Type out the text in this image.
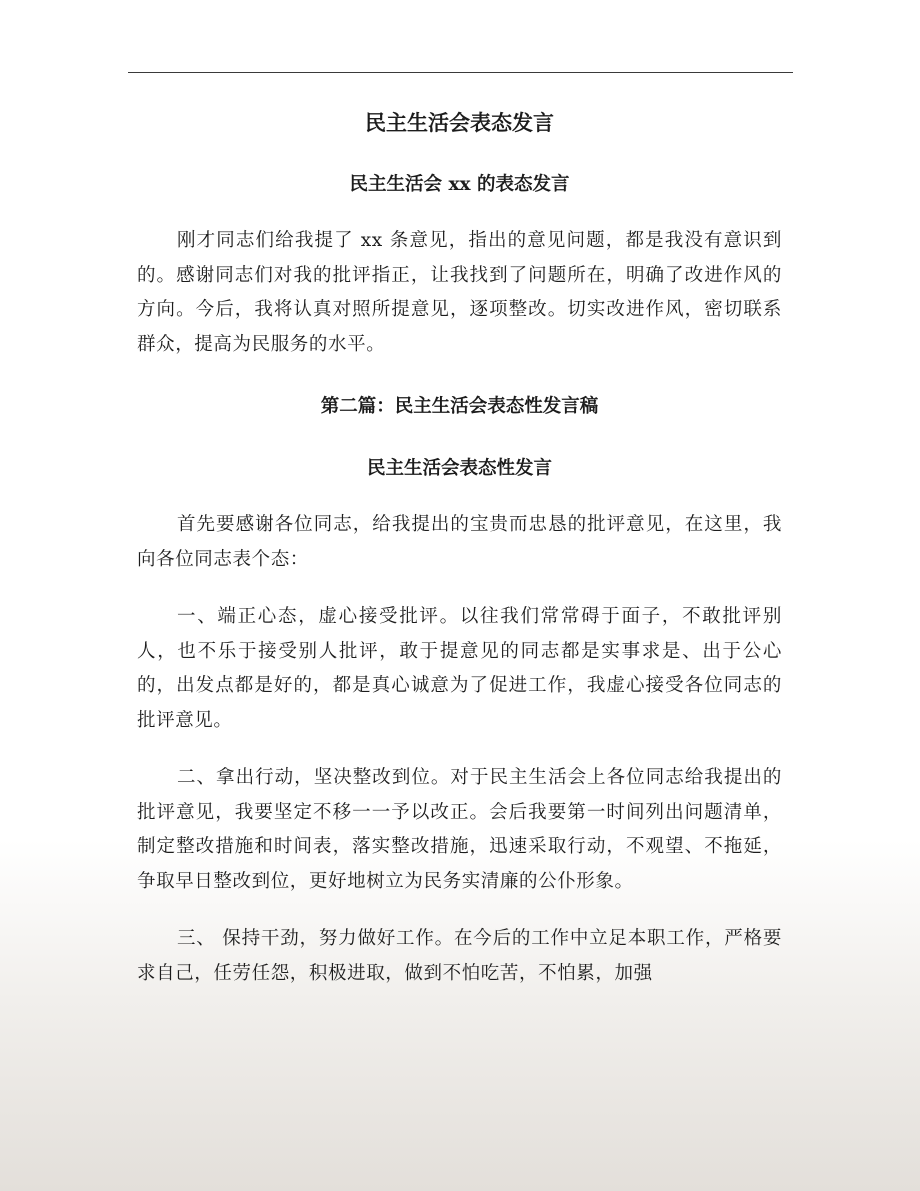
民主生活会表态发言
民主生活会 xx 的表态发言

刚才同志们给我提了 xx 条意见，指出的意见问题，都是我没有意识到的。感谢同志们对我的批评指正，让我找到了问题所在，明确了改进作风的方向。今后，我将认真对照所提意见，逐项整改。切实改进作风，密切联系群众，提高为民服务的水平。

第二篇：民主生活会表态性发言稿
民主生活会表态性发言

首先要感谢各位同志，给我提出的宝贵而忠恳的批评意见，在这里，我向各位同志表个态：

一、端正心态，虚心接受批评。以往我们常常碍于面子，不敢批评别人，也不乐于接受别人批评，敢于提意见的同志都是实事求是、出于公心的，出发点都是好的，都是真心诚意为了促进工作，我虚心接受各位同志的批评意见。

二、拿出行动，坚决整改到位。对于民主生活会上各位同志给我提出的批评意见，我要坚定不移一一予以改正。会后我要第一时间列出问题清单，制定整改措施和时间表，落实整改措施，迅速采取行动，不观望、不拖延，争取早日整改到位，更好地树立为民务实清廉的公仆形象。

三、 保持干劲，努力做好工作。在今后的工作中立足本职工作，严格要求自己，任劳任怨，积极进取，做到不怕吃苦，不怕累，加强
